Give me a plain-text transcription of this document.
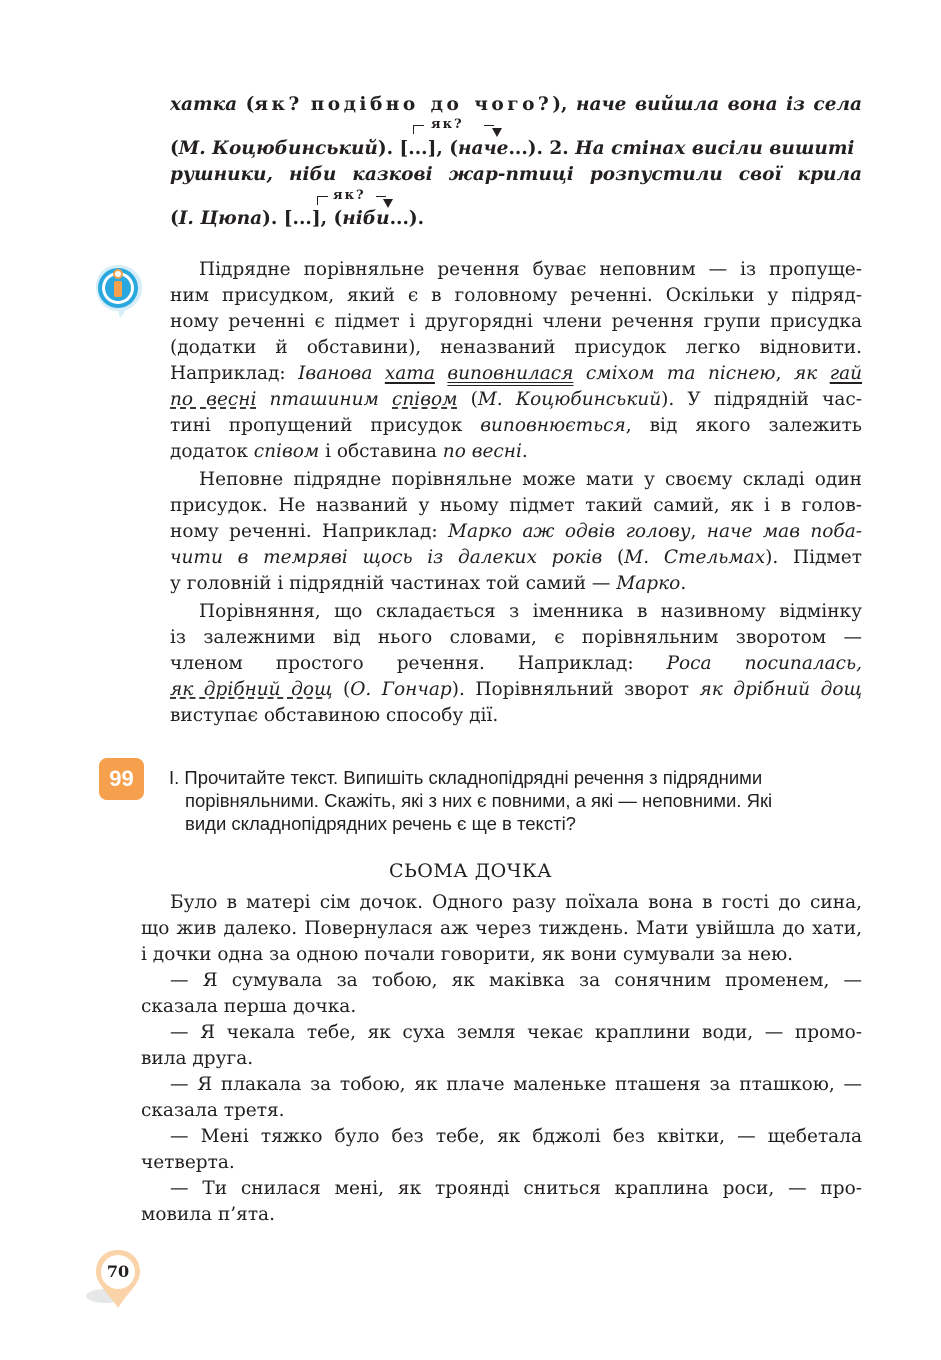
хатка (як? подібно до чого?), наче вийшла вона із села
як?
(М. Коцюбинський). [...], (наче...). 2. На стінах висіли вишиті
рушники, ніби казкові жар-птиці розпустили свої крила
як?
(І. Цюпа). [...], (ніби...).
Підрядне порівняльне речення буває неповним — із пропуще-
ним присудком, який є в головному реченні. Оскільки у підряд-
ному реченні є підмет і другорядні члени речення групи присудка
(додатки й обставини), неназваний присудок легко відновити.
Наприклад: Іванова хата виповнилася сміхом та піснею, як гай
по весні пташиним співом (М. Коцюбинський). У підрядній час-
тині пропущений присудок виповнюється, від якого залежить
додаток співом і обставина по весні.
Неповне підрядне порівняльне може мати у своєму складі один
присудок. Не названий у ньому підмет такий самий, як і в голов-
ному реченні. Наприклад: Марко аж одвів голову, наче мав поба-
чити в темряві щось із далеких років (М. Стельмах). Підмет
у головній і підрядній частинах той самий — Марко.
Порівняння, що складається з іменника в називному відмінку
із залежними від нього словами, є порівняльним зворотом —
членом простого речення. Наприклад: Роса посипалась,
як дрібний дощ (О. Гончар). Порівняльний зворот як дрібний дощ
виступає обставиною способу дії.
99	І. Прочитайте текст. Випишіть складнопідрядні речення з підрядними
порівняльними. Скажіть, які з них є повними, а які — неповними. Які
види складнопідрядних речень є ще в тексті?
СЬОМА ДОЧКА
Було в матері сім дочок. Одного разу поїхала вона в гості до сина,
що жив далеко. Повернулася аж через тиждень. Мати увійшла до хати,
і дочки одна за одною почали говорити, як вони сумували за нею.
— Я сумувала за тобою, як маківка за сонячним променем, —
сказала перша дочка.
— Я чекала тебе, як суха земля чекає краплини води, — промо-
вила друга.
— Я плакала за тобою, як плаче маленьке пташеня за пташкою, —
сказала третя.
— Мені тяжко було без тебе, як бджолі без квітки, — щебетала
четверта.
— Ти снилася мені, як троянді сниться краплина роси, — про-
мовила п’ята.
70
